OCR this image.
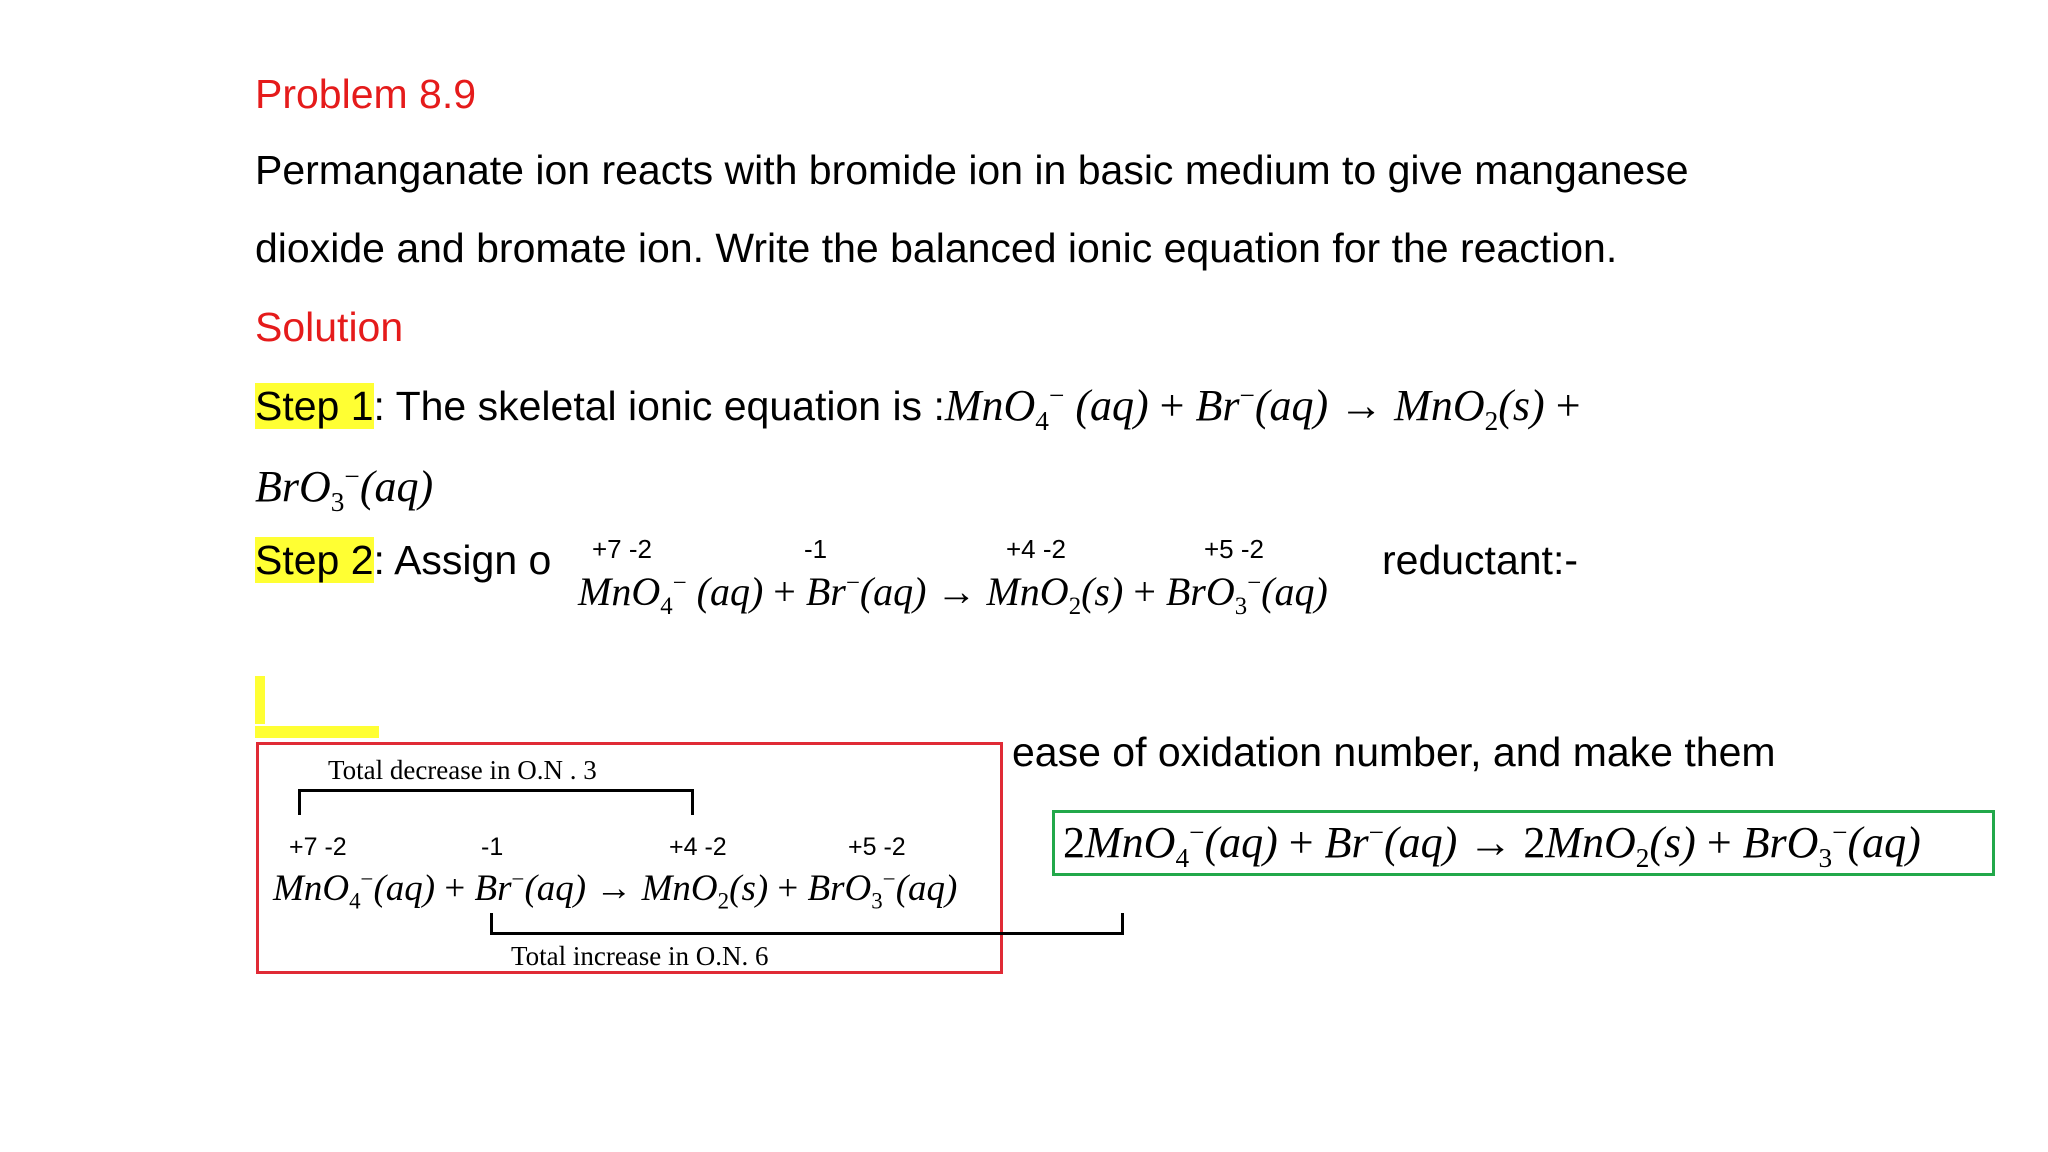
Problem 8.9
Permanganate ion reacts with bromide ion in basic medium to give manganese
dioxide and bromate ion. Write the balanced ionic equation for the reaction.
Solution
Step 1: The skeletal ionic equation is :MnO$_4$− (aq) + Br−(aq) → MnO$_2$(s) +
BrO$_3$−(aq)
Step 2: Assign o	reductant:-
+7 -2	-1	+4 -2	+5 -2
MnO$_4$− (aq) + Br−(aq) → MnO$_2$(s) + BrO$_3$−(aq)
ease of oxidation number, and make them
Total decrease in O.N . 3
+7 -2	-1	+4 -2	+5 -2
MnO$_4$−(aq) + Br−(aq) → MnO$_2$(s) + BrO$_3$−(aq)
Total increase in O.N. 6
2MnO$_4$−(aq) + Br−(aq) → 2MnO$_2$(s) + BrO$_3$−(aq)
